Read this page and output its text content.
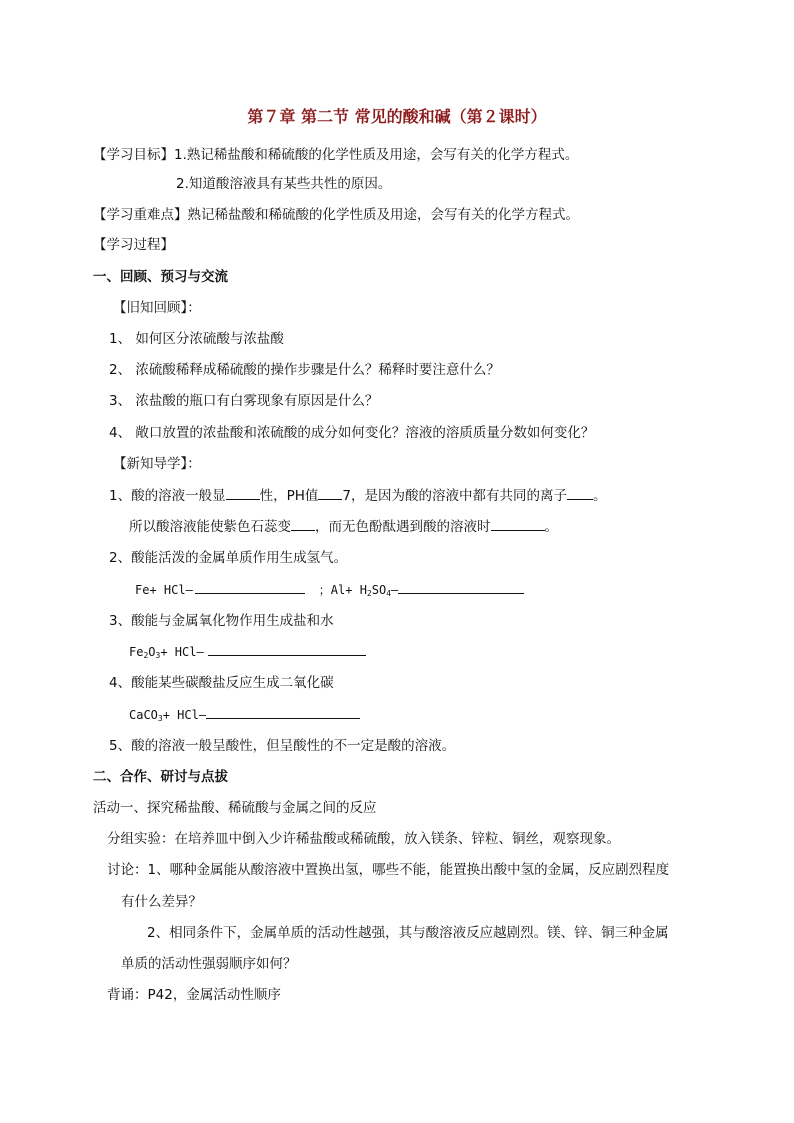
第７章 第二节 常见的酸和碱（第２课时）
【学习目标】1.熟记稀盐酸和稀硫酸的化学性质及用途，会写有关的化学方程式。
2.知道酸溶液具有某些共性的原因。
【学习重难点】熟记稀盐酸和稀硫酸的化学性质及用途，会写有关的化学方程式。
【学习过程】
一、回顾、预习与交流
【旧知回顾】：
1、 如何区分浓硫酸与浓盐酸
2、 浓硫酸稀释成稀硫酸的操作步骤是什么？稀释时要注意什么？
3、 浓盐酸的瓶口有白雾现象有原因是什么？
4、 敞口放置的浓盐酸和浓硫酸的成分如何变化？溶液的溶质质量分数如何变化？
【新知导学】：
1、酸的溶液一般显	性，PH值 7，是因为酸的溶液中都有共同的离子 。
所以酸溶液能使紫色石蕊变 ，而无色酚酞遇到酸的溶液时	。
2、酸能活泼的金属单质作用生成氢气。
Fe+ HCl—	；$Al+ H_2SO_4—$
3、酸能与金属氧化物作用生成盐和水
$Fe_2O_3+$ HCl—
4、酸能某些碳酸盐反应生成二氧化碳
CaCO$_3$+ HCl—
5、酸的溶液一般呈酸性，但呈酸性的不一定是酸的溶液。
二、合作、研讨与点拔
活动一、探究稀盐酸、稀硫酸与金属之间的反应
分组实验：在培养皿中倒入少许稀盐酸或稀硫酸，放入镁条、锌粒、铜丝，观察现象。
讨论：1、哪种金属能从酸溶液中置换出氢，哪些不能，能置换出酸中氢的金属，反应剧烈程度
有什么差异？
2、相同条件下，金属单质的活动性越强，其与酸溶液反应越剧烈。镁、锌、铜三种金属
单质的活动性强弱顺序如何？
背诵：P42，金属活动性顺序
